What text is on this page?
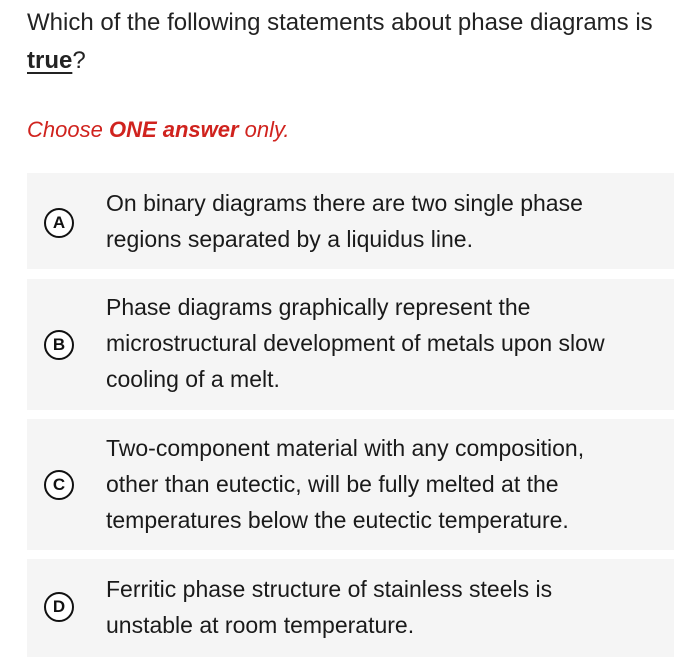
Which of the following statements about phase diagrams is true?
Choose ONE answer only.
A
On binary diagrams there are two single phase
regions separated by a liquidus line.
B
Phase diagrams graphically represent the
microstructural development of metals upon slow
cooling of a melt.
C
Two-component material with any composition,
other than eutectic, will be fully melted at the
temperatures below the eutectic temperature.
D
Ferritic phase structure of stainless steels is
unstable at room temperature.
